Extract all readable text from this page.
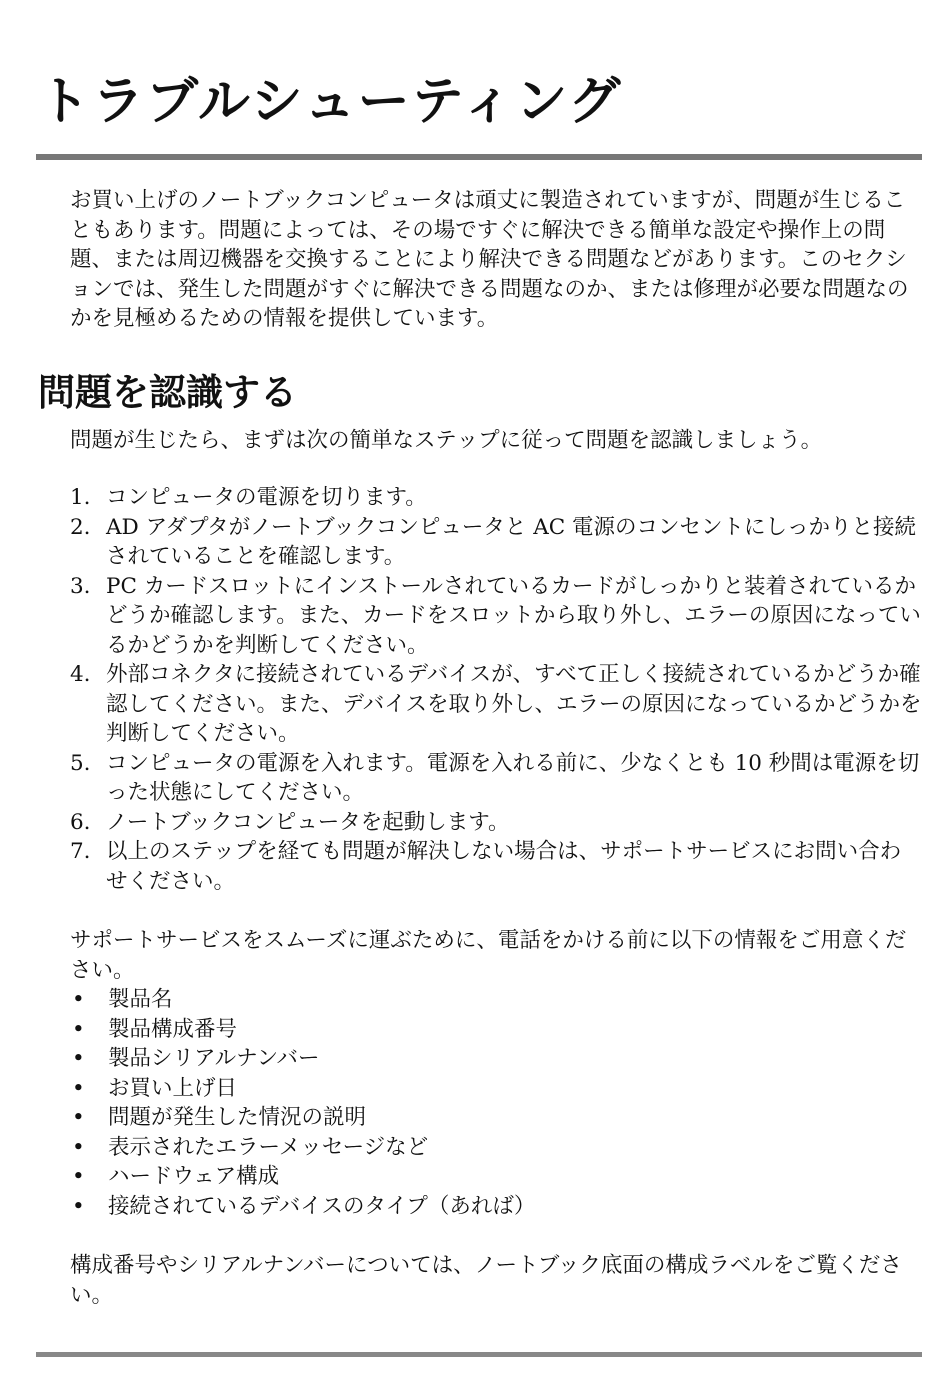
トラブルシューティング

お買い上げのノートブックコンピュータは頑丈に製造されていますが、問題が生じることもあります。問題によっては、その場ですぐに解決できる簡単な設定や操作上の問題、または周辺機器を交換することにより解決できる問題などがあります。このセクションでは、発生した問題がすぐに解決できる問題なのか、または修理が必要な問題なのかを見極めるための情報を提供しています。

問題を認識する

問題が生じたら、まずは次の簡単なステップに従って問題を認識しましょう。

1. コンピュータの電源を切ります。
2. AD アダプタがノートブックコンピュータと AC 電源のコンセントにしっかりと接続されていることを確認します。
3. PC カードスロットにインストールされているカードがしっかりと装着されているかどうか確認します。また、カードをスロットから取り外し、エラーの原因になっているかどうかを判断してください。
4. 外部コネクタに接続されているデバイスが、すべて正しく接続されているかどうか確認してください。また、デバイスを取り外し、エラーの原因になっているかどうかを判断してください。
5. コンピュータの電源を入れます。電源を入れる前に、少なくとも 10 秒間は電源を切った状態にしてください。
6. ノートブックコンピュータを起動します。
7. 以上のステップを経ても問題が解決しない場合は、サポートサービスにお問い合わせください。

サポートサービスをスムーズに運ぶために、電話をかける前に以下の情報をご用意ください。

•	製品名
•	製品構成番号
•	製品シリアルナンバー
•	お買い上げ日
•	問題が発生した情況の説明
•	表示されたエラーメッセージなど
•	ハードウェア構成
•	接続されているデバイスのタイプ（あれば）

構成番号やシリアルナンバーについては、ノートブック底面の構成ラベルをご覧ください。
